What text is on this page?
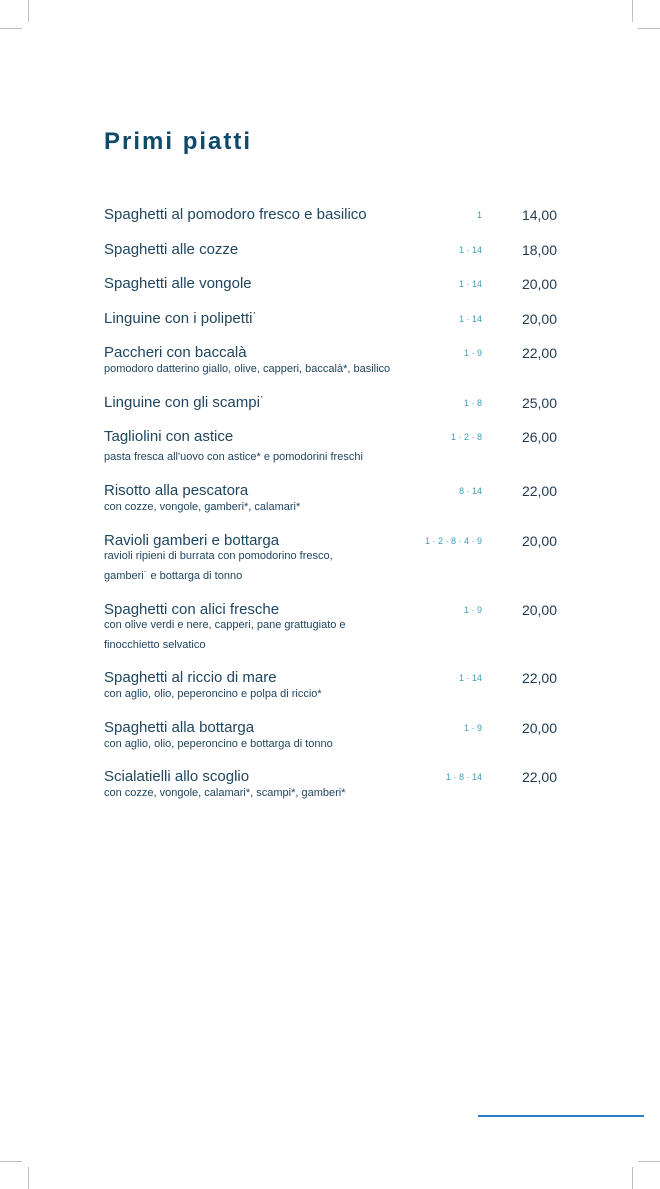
Primi piatti
Spaghetti al pomodoro fresco e basilico	1	14,00
Spaghetti alle cozze	1 · 14	18,00
Spaghetti alle vongole	1 · 14	20,00
Linguine con i polipetti˙	1 · 14	20,00
Paccheri con baccalà	1 · 9	22,00
pomodoro datterino giallo, olive, capperi, baccalà*, basilico
Linguine con gli scampi˙	1 · 8	25,00
Tagliolini con astice	1 · 2 · 8	26,00
pasta fresca all'uovo con astice* e pomodorini freschi
Risotto alla pescatora	8 · 14	22,00
con cozze, vongole, gamberi*, calamari*
Ravioli gamberi e bottarga	1 · 2 · 8 · 4 · 9	20,00
ravioli ripieni di burrata con pomodorino fresco,
gamberi˙ e bottarga di tonno
Spaghetti con alici fresche	1 · 9	20,00
con olive verdi e nere, capperi, pane grattugiato e
finocchietto selvatico
Spaghetti al riccio di mare	1 · 14	22,00
con aglio, olio, peperoncino e polpa di riccio*
Spaghetti alla bottarga	1 · 9	20,00
con aglio, olio, peperoncino e bottarga di tonno
Scialatielli allo scoglio	1 · 8 · 14	22,00
con cozze, vongole, calamari*, scampi*, gamberi*
